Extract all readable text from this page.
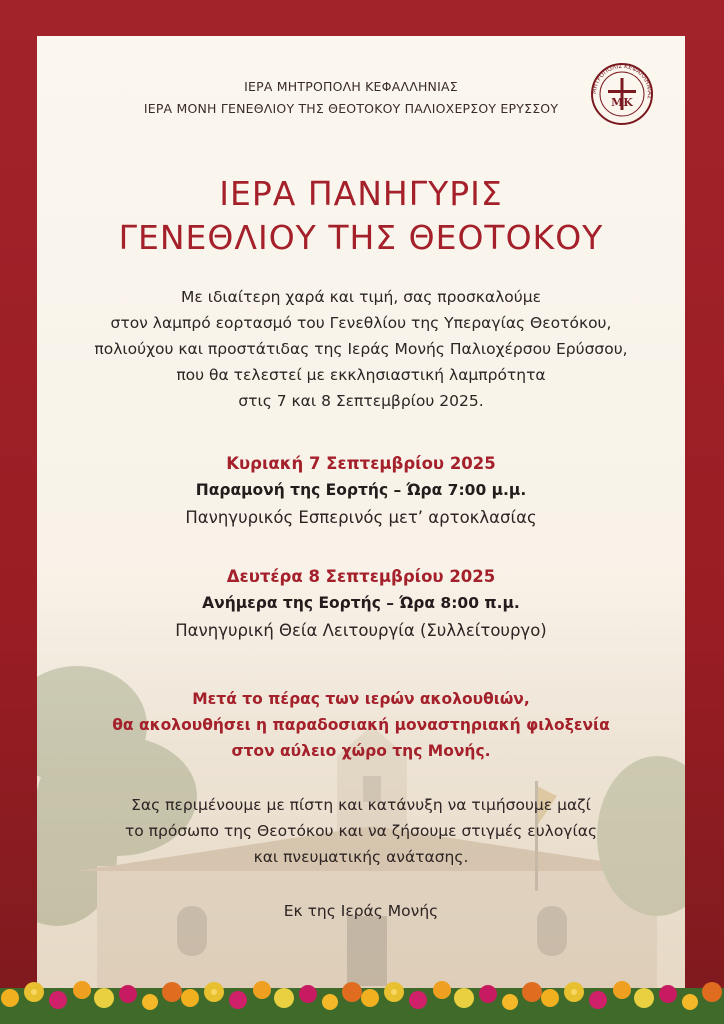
ΙΕΡΑ ΜΗΤΡΟΠΟΛΗ ΚΕΦΑΛΛΗΝΙΑΣ
ΙΕΡΑ ΜΟΝΗ ΓΕΝΕΘΛΙΟΥ ΤΗΣ ΘΕΟΤΟΚΟΥ ΠΑΛΙΟΧΕΡΣΟΥ ΕΡΥΣΣΟΥ
ΜΗΤΡΟΠΟΛΙΣ ΚΕΦΑΛΛΗΝΙΑΣ
ΜΚ
ΙΕΡΑ ΠΑΝΗΓΥΡΙΣ
ΓΕΝΕΘΛΙΟΥ ΤΗΣ ΘΕΟΤΟΚΟΥ
Με ιδιαίτερη χαρά και τιμή, σας προσκαλούμε
στον λαμπρό εορτασμό του Γενεθλίου της Υπεραγίας Θεοτόκου,
πολιούχου και προστάτιδας της Ιεράς Μονής Παλιοχέρσου Ερύσσου,
που θα τελεστεί με εκκλησιαστική λαμπρότητα
στις 7 και 8 Σεπτεμβρίου 2025.
Κυριακή 7 Σεπτεμβρίου 2025
Παραμονή της Εορτής – Ώρα 7:00 μ.μ.
Πανηγυρικός Εσπερινός μετ’ αρτοκλασίας
Δευτέρα 8 Σεπτεμβρίου 2025
Ανήμερα της Εορτής – Ώρα 8:00 π.μ.
Πανηγυρική Θεία Λειτουργία (Συλλείτουργο)
Μετά το πέρας των ιερών ακολουθιών,
θα ακολουθήσει η παραδοσιακή μοναστηριακή φιλοξενία
στον αύλειο χώρο της Μονής.
Σας περιμένουμε με πίστη και κατάνυξη να τιμήσουμε μαζί
το πρόσωπο της Θεοτόκου και να ζήσουμε στιγμές ευλογίας
και πνευματικής ανάτασης.
Εκ της Ιεράς Μονής
